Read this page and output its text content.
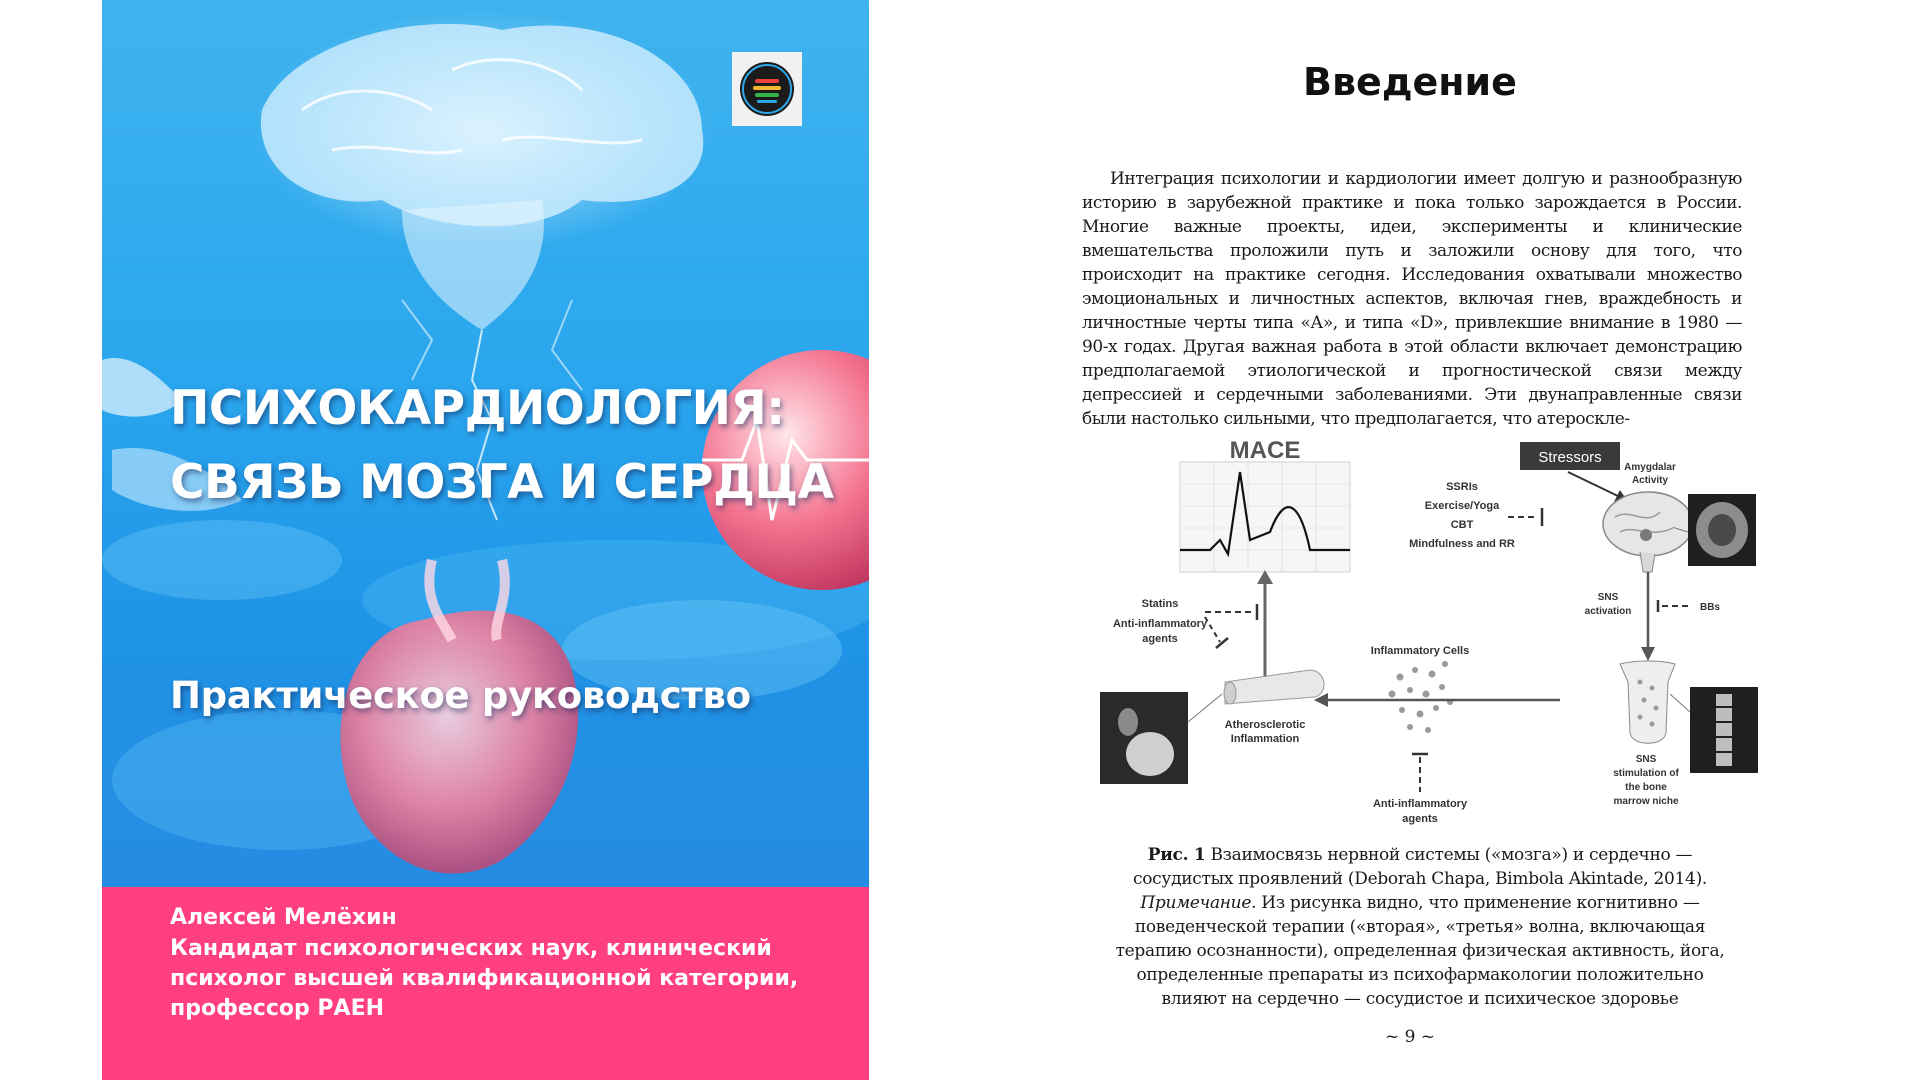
ПСИХОКАРДИОЛОГИЯ:
СВЯЗЬ МОЗГА И СЕРДЦА
Практическое руководство
Алексей Мелёхин
Кандидат психологических наук, клинический
психолог высшей квалификационной категории,
профессор РАЕН
Введение

Интеграция психологии и кардиологии имеет долгую и разнообразную историю в зарубежной практике и пока только зарождается в России. Многие важные проекты, идеи, эксперименты и клинические вмешательства проложили путь и заложили основу для того, что происходит на практике сегодня. Исследования охватывали множество эмоциональных и личностных аспектов, включая гнев, враждебность и личностные черты типа «А», и типа «D», привлекшие внимание в 1980 — 90-х годах. Другая важная работа в этой области включает демонстрацию предполагаемой этиологической и прогностической связи между депрессией и сердечными заболеваниями. Эти двунаправленные связи были настолько сильными, что предполагается, что атероскле-

MACE
Statins
Anti-inflammatory
agents
Atherosclerotic
Inflammation
Inflammatory Cells
Anti-inflammatory
agents
SSRIs
Exercise/Yoga
CBT
Mindfulness and RR
Stressors
Amygdalar
Activity
SNS
activation	BBs
SNS
stimulation of
the bone
marrow niche
Рис. 1 Взаимосвязь нервной системы («мозга») и сердечно — сосудистых проявлений (Deborah Chapa, Bimbola Akintade, 2014).
Примечание. Из рисунка видно, что применение когнитивно — поведенческой терапии («вторая», «третья» волна, включающая терапию осознанности), определенная физическая активность, йога, определенные препараты из психофармакологии положительно влияют на сердечно — сосудистое и психическое здоровье
~ 9 ~
